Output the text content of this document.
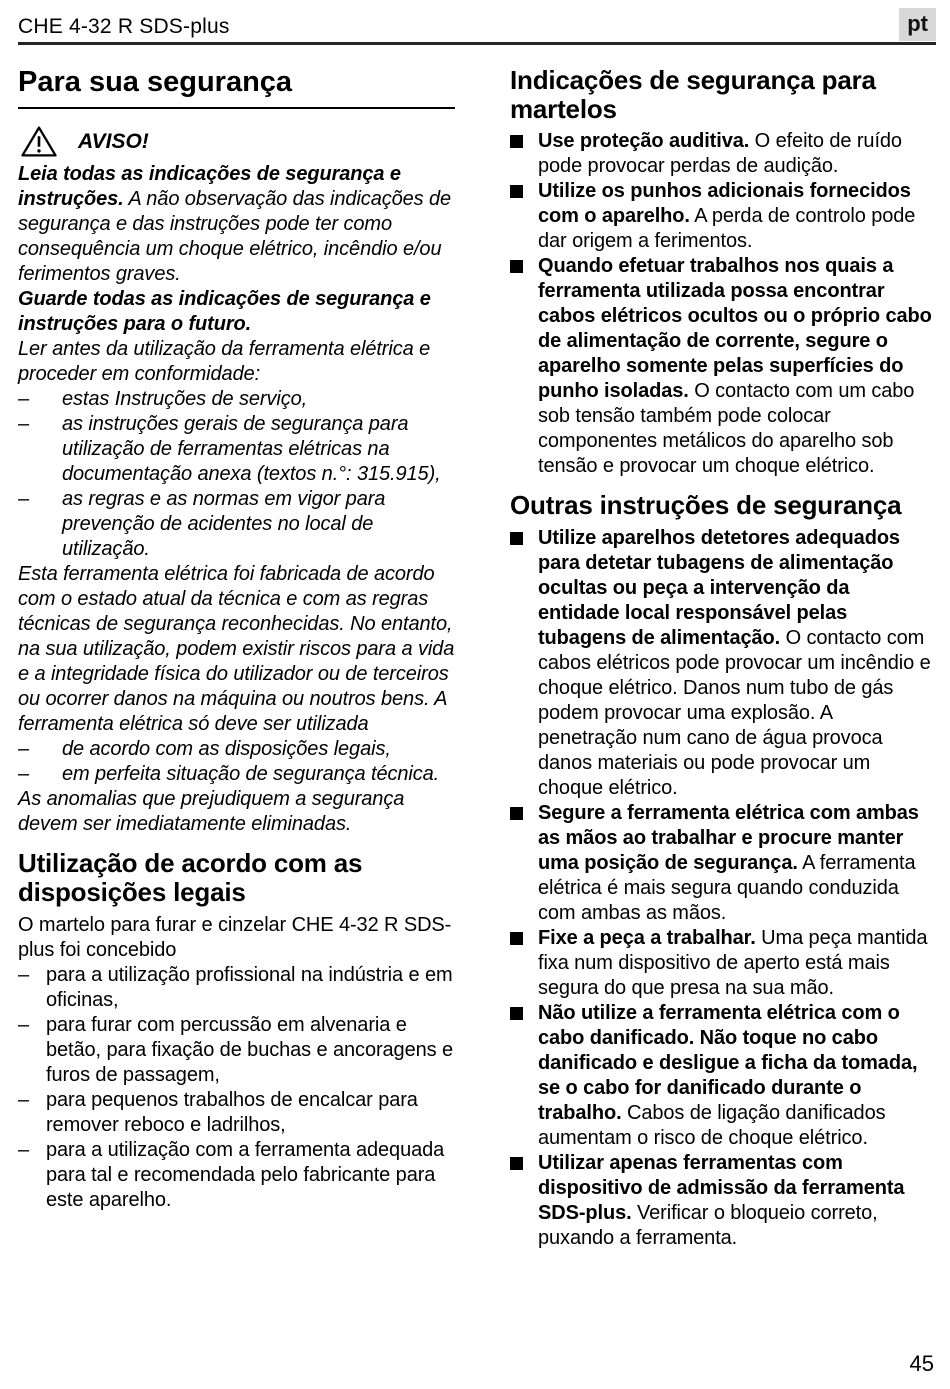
CHE 4-32 R SDS-plus	pt
Para sua segurança
AVISO!
Leia todas as indicações de segurança e instruções. A não observação das indicações de segurança e das instruções pode ter como consequência um choque elétrico, incêndio e/ou ferimentos graves.
Guarde todas as indicações de segurança e instruções para o futuro.
Ler antes da utilização da ferramenta elétrica e proceder em conformidade:
–	estas Instruções de serviço,
–	as instruções gerais de segurança para utilização de ferramentas elétricas na documentação anexa (textos n.°: 315.915),
–	as regras e as normas em vigor para prevenção de acidentes no local de utilização.
Esta ferramenta elétrica foi fabricada de acordo com o estado atual da técnica e com as regras técnicas de segurança reconhecidas. No entanto, na sua utilização, podem existir riscos para a vida e a integridade física do utilizador ou de terceiros ou ocorrer danos na máquina ou noutros bens. A ferramenta elétrica só deve ser utilizada
–	de acordo com as disposições legais,
–	em perfeita situação de segurança técnica.
As anomalias que prejudiquem a segurança devem ser imediatamente eliminadas.
Utilização de acordo com as disposições legais
O martelo para furar e cinzelar CHE 4-32 R SDS-plus foi concebido
– para a utilização profissional na indústria e em oficinas,
– para furar com percussão em alvenaria e betão, para fixação de buchas e ancoragens e furos de passagem,
– para pequenos trabalhos de encalcar para remover reboco e ladrilhos,
– para a utilização com a ferramenta adequada para tal e recomendada pelo fabricante para este aparelho.
Indicações de segurança para martelos
Use proteção auditiva. O efeito de ruído pode provocar perdas de audição.
Utilize os punhos adicionais fornecidos com o aparelho. A perda de controlo pode dar origem a ferimentos.
Quando efetuar trabalhos nos quais a ferramenta utilizada possa encontrar cabos elétricos ocultos ou o próprio cabo de alimentação de corrente, segure o aparelho somente pelas superfícies do punho isoladas. O contacto com um cabo sob tensão também pode colocar componentes metálicos do aparelho sob tensão e provocar um choque elétrico.
Outras instruções de segurança
Utilize aparelhos detetores adequados para detetar tubagens de alimentação ocultas ou peça a intervenção da entidade local responsável pelas tubagens de alimentação. O contacto com cabos elétricos pode provocar um incêndio e choque elétrico. Danos num tubo de gás podem provocar uma explosão. A penetração num cano de água provoca danos materiais ou pode provocar um choque elétrico.
Segure a ferramenta elétrica com ambas as mãos ao trabalhar e procure manter uma posição de segurança. A ferramenta elétrica é mais segura quando conduzida com ambas as mãos.
Fixe a peça a trabalhar. Uma peça mantida fixa num dispositivo de aperto está mais segura do que presa na sua mão.
Não utilize a ferramenta elétrica com o cabo danificado. Não toque no cabo danificado e desligue a ficha da tomada, se o cabo for danificado durante o trabalho. Cabos de ligação danificados aumentam o risco de choque elétrico.
Utilizar apenas ferramentas com dispositivo de admissão da ferramenta SDS-plus. Verificar o bloqueio correto, puxando a ferramenta.
45
